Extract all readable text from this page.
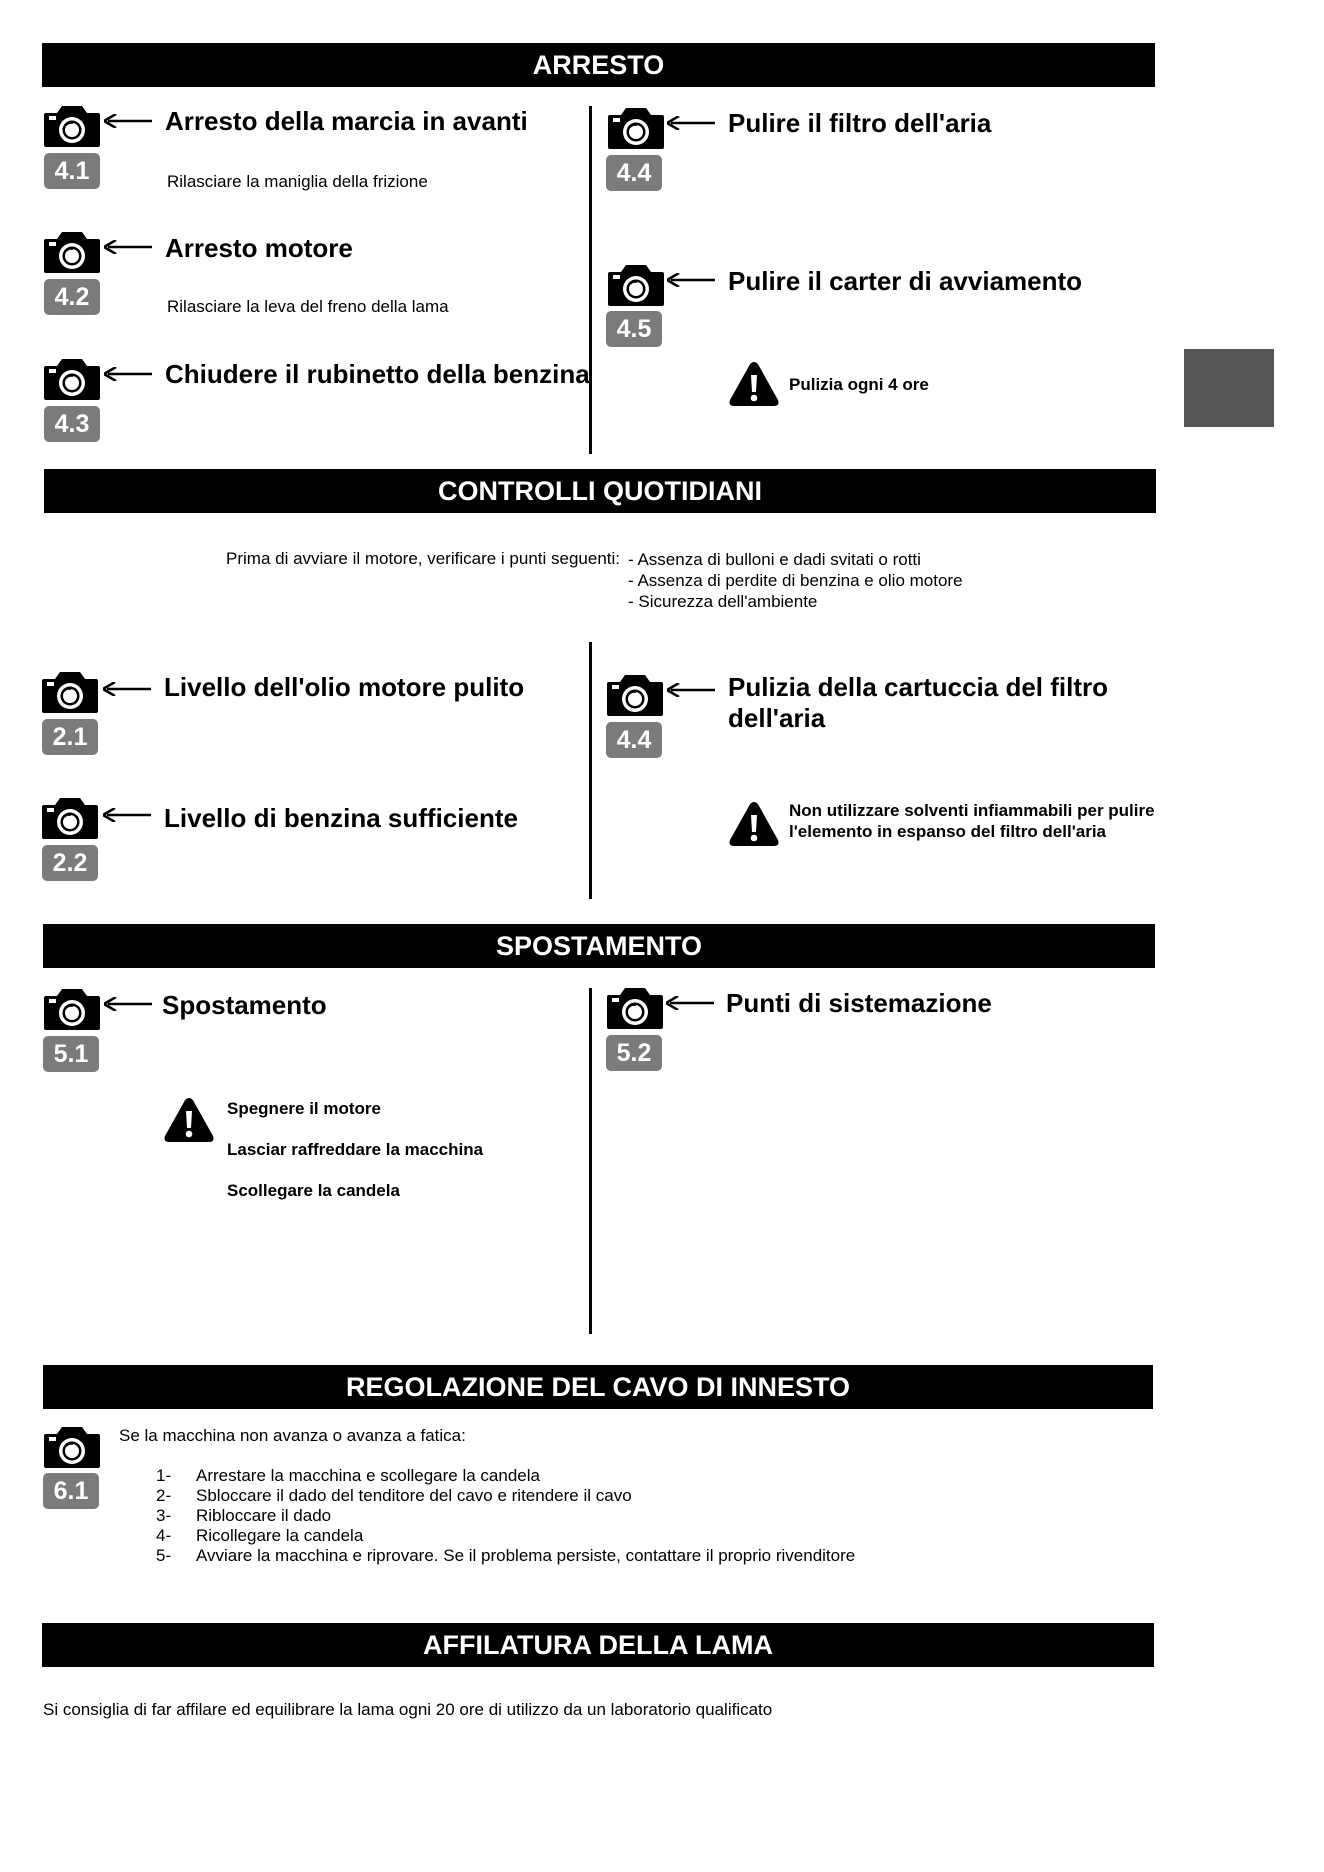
ARRESTO
4.1
Arresto della marcia in avanti
Rilasciare la maniglia della frizione
4.2
Arresto motore
Rilasciare la leva del freno della lama
4.3
Chiudere il rubinetto della benzina
4.4
Pulire il filtro dell'aria
4.5
Pulire il carter di avviamento
Pulizia ogni 4 ore
CONTROLLI QUOTIDIANI
Prima di avviare il motore, verificare i punti seguenti: - Assenza di bulloni e dadi svitati o rotti
- Assenza di perdite di benzina e olio motore
- Sicurezza dell'ambiente
2.1
Livello dell'olio motore pulito
2.2
Livello di benzina sufficiente
4.4
Pulizia della cartuccia del filtro dell'aria
Non utilizzare solventi infiammabili per pulire
l'elemento in espanso del filtro dell'aria
SPOSTAMENTO
5.1
Spostamento
Spegnere il motore
Lasciar raffreddare la macchina
Scollegare la candela
5.2
Punti di sistemazione
REGOLAZIONE DEL CAVO DI INNESTO
6.1
Se la macchina non avanza o avanza a fatica:
1-	Arrestare la macchina e scollegare la candela
2-	Sbloccare il dado del tenditore del cavo e ritendere il cavo
3-	Ribloccare il dado
4-	Ricollegare la candela
5-	Avviare la macchina e riprovare. Se il problema persiste, contattare il proprio rivenditore
AFFILATURA DELLA LAMA
Si consiglia di far affilare ed equilibrare la lama ogni 20 ore di utilizzo da un laboratorio qualificato
